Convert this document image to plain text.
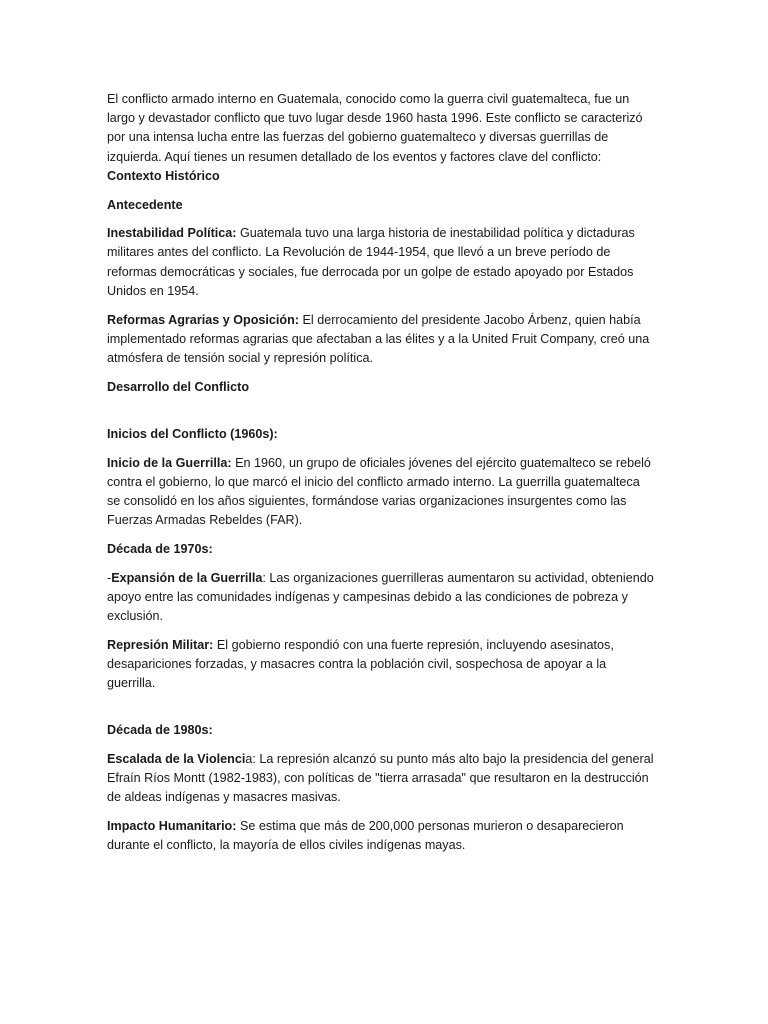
El conflicto armado interno en Guatemala, conocido como la guerra civil guatemalteca, fue un largo y devastador conflicto que tuvo lugar desde 1960 hasta 1996. Este conflicto se caracterizó por una intensa lucha entre las fuerzas del gobierno guatemalteco y diversas guerrillas de izquierda. Aquí tienes un resumen detallado de los eventos y factores clave del conflicto:

Contexto Histórico

Antecedente

Inestabilidad Política: Guatemala tuvo una larga historia de inestabilidad política y dictaduras militares antes del conflicto. La Revolución de 1944-1954, que llevó a un breve período de reformas democráticas y sociales, fue derrocada por un golpe de estado apoyado por Estados Unidos en 1954.

Reformas Agrarias y Oposición: El derrocamiento del presidente Jacobo Árbenz, quien había implementado reformas agrarias que afectaban a las élites y a la United Fruit Company, creó una atmósfera de tensión social y represión política.

Desarrollo del Conflicto

Inicios del Conflicto (1960s):

Inicio de la Guerrilla: En 1960, un grupo de oficiales jóvenes del ejército guatemalteco se rebeló contra el gobierno, lo que marcó el inicio del conflicto armado interno. La guerrilla guatemalteca se consolidó en los años siguientes, formándose varias organizaciones insurgentes como las Fuerzas Armadas Rebeldes (FAR).

Década de 1970s:

-Expansión de la Guerrilla: Las organizaciones guerrilleras aumentaron su actividad, obteniendo apoyo entre las comunidades indígenas y campesinas debido a las condiciones de pobreza y exclusión.

Represión Militar: El gobierno respondió con una fuerte represión, incluyendo asesinatos, desapariciones forzadas, y masacres contra la población civil, sospechosa de apoyar a la guerrilla.

Década de 1980s:

Escalada de la Violencia: La represión alcanzó su punto más alto bajo la presidencia del general Efraín Ríos Montt (1982-1983), con políticas de "tierra arrasada" que resultaron en la destrucción de aldeas indígenas y masacres masivas.

Impacto Humanitario: Se estima que más de 200,000 personas murieron o desaparecieron durante el conflicto, la mayoría de ellos civiles indígenas mayas.
